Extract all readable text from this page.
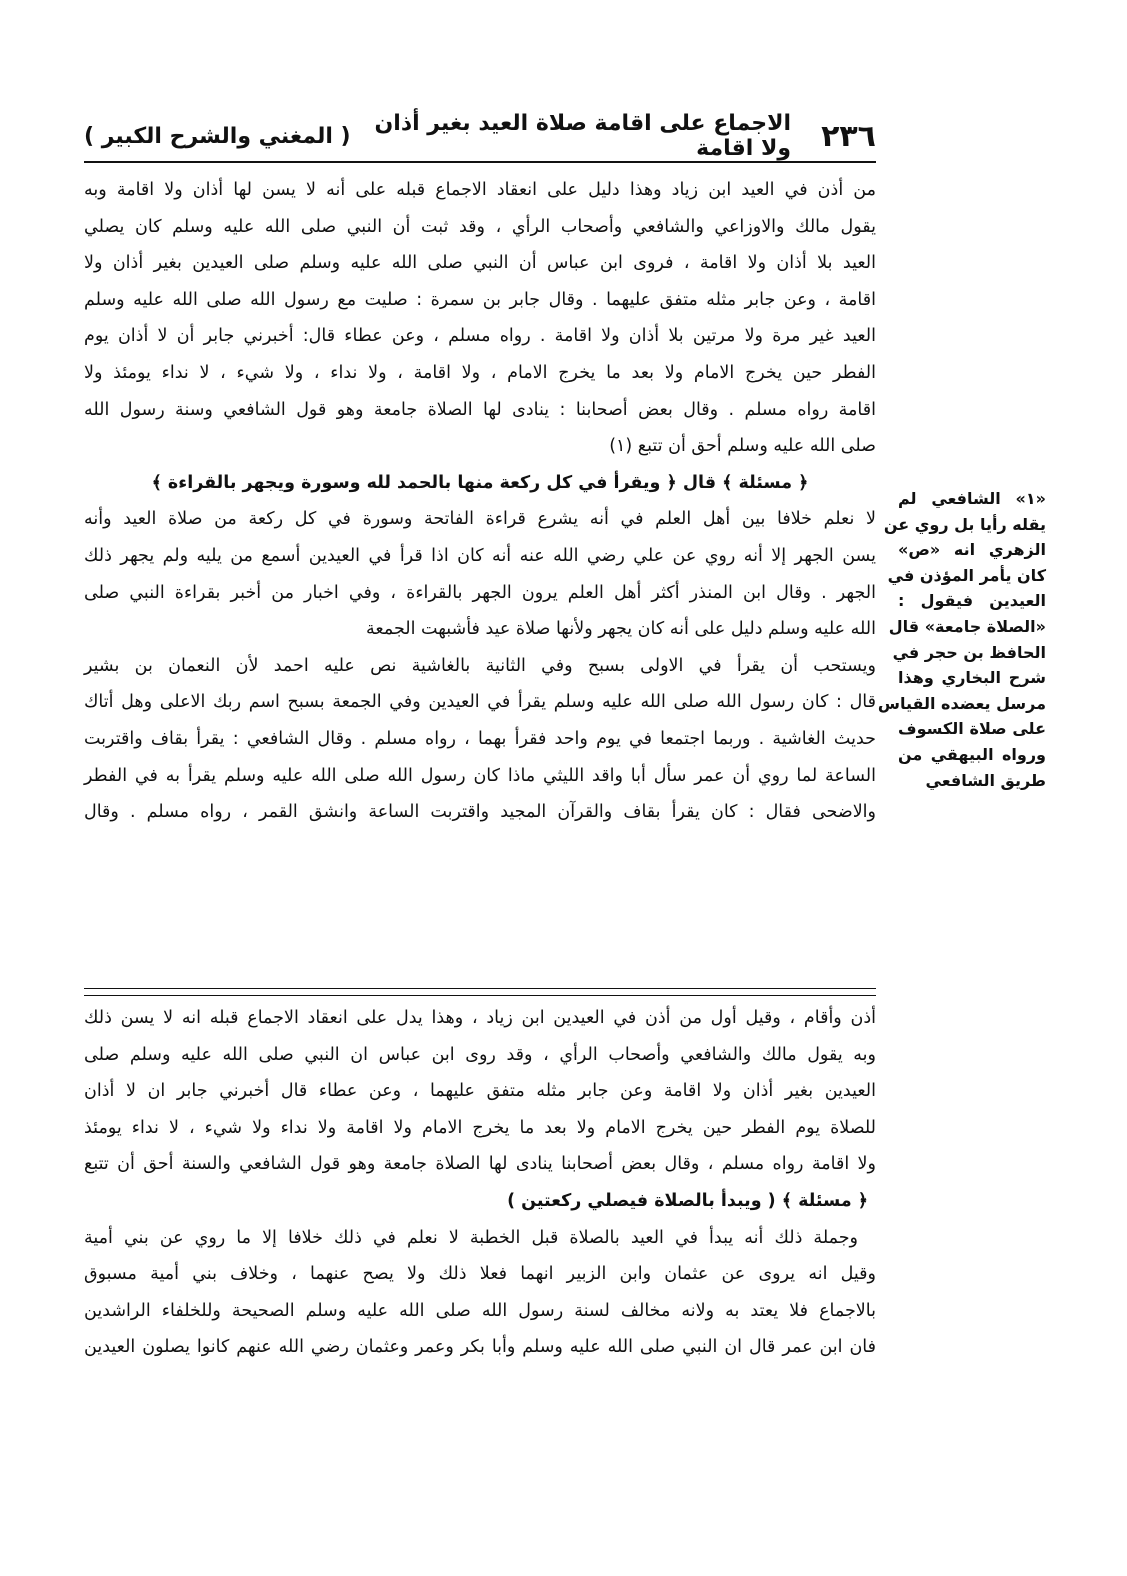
٢٣٦
الاجماع على اقامة صلاة العيد بغير أذان ولا اقامة
( المغني والشرح الكبير )
من أذن في العيد ابن زياد وهذا دليل على انعقاد الاجماع قبله على أنه لا يسن لها أذان ولا اقامة وبه
يقول مالك والاوزاعي والشافعي وأصحاب الرأي ، وقد ثبت أن النبي صلى الله عليه وسلم كان يصلي
العيد بلا أذان ولا اقامة ، فروى ابن عباس أن النبي صلى الله عليه وسلم صلى العيدين بغير أذان ولا
اقامة ، وعن جابر مثله متفق عليهما . وقال جابر بن سمرة : صليت مع رسول الله صلى الله عليه وسلم
العيد غير مرة ولا مرتين بلا أذان ولا اقامة . رواه مسلم ، وعن عطاء قال: أخبرني جابر أن لا أذان يوم
الفطر حين يخرج الامام ولا بعد ما يخرج الامام ، ولا اقامة ، ولا نداء ، ولا شيء ، لا نداء يومئذ ولا
اقامة رواه مسلم . وقال بعض أصحابنا : ينادى لها الصلاة جامعة وهو قول الشافعي وسنة رسول الله
صلى الله عليه وسلم أحق أن تتبع (١)
﴿ مسئلة ﴾ قال ﴿ ويقرأ في كل ركعة منها بالحمد لله وسورة ويجهر بالقراءة ﴾
لا نعلم خلافا بين أهل العلم في أنه يشرع قراءة الفاتحة وسورة في كل ركعة من صلاة العيد وأنه
يسن الجهر إلا أنه روي عن علي رضي الله عنه أنه كان اذا قرأ في العيدين أسمع من يليه ولم يجهر ذلك
الجهر . وقال ابن المنذر أكثر أهل العلم يرون الجهر بالقراءة ، وفي اخبار من أخبر بقراءة النبي صلى
الله عليه وسلم دليل على أنه كان يجهر ولأنها صلاة عيد فأشبهت الجمعة
ويستحب أن يقرأ في الاولى بسبح وفي الثانية بالغاشية نص عليه احمد لأن النعمان بن بشير
قال : كان رسول الله صلى الله عليه وسلم يقرأ في العيدين وفي الجمعة بسبح اسم ربك الاعلى وهل أتاك
حديث الغاشية . وربما اجتمعا في يوم واحد فقرأ بهما ، رواه مسلم . وقال الشافعي : يقرأ بقاف واقتربت
الساعة لما روي أن عمر سأل أبا واقد الليثي ماذا كان رسول الله صلى الله عليه وسلم يقرأ به في الفطر
والاضحى فقال : كان يقرأ بقاف والقرآن المجيد واقتربت الساعة وانشق القمر ، رواه مسلم . وقال
«١» الشافعي لم
يقله رأيا بل روي عن
الزهري انه «ص»
كان يأمر المؤذن في
العيدين فيقول :
«الصلاة جامعة» قال
الحافظ بن حجر في
شرح البخاري وهذا
مرسل يعضده القياس
على صلاة الكسوف
ورواه البيهقي من
طريق الشافعي
أذن وأقام ، وقيل أول من أذن في العيدين ابن زياد ، وهذا يدل على انعقاد الاجماع قبله انه لا يسن ذلك
وبه يقول مالك والشافعي وأصحاب الرأي ، وقد روى ابن عباس ان النبي صلى الله عليه وسلم صلى
العيدين بغير أذان ولا اقامة وعن جابر مثله متفق عليهما ، وعن عطاء قال أخبرني جابر ان لا أذان
للصلاة يوم الفطر حين يخرج الامام ولا بعد ما يخرج الامام ولا اقامة ولا نداء ولا شيء ، لا نداء يومئذ
ولا اقامة رواه مسلم ، وقال بعض أصحابنا ينادى لها الصلاة جامعة وهو قول الشافعي والسنة أحق أن تتبع
﴿ مسئلة ﴾ ( ويبدأ بالصلاة فيصلي ركعتين )
وجملة ذلك أنه يبدأ في العيد بالصلاة قبل الخطبة لا نعلم في ذلك خلافا إلا ما روي عن بني أمية
وقيل انه يروى عن عثمان وابن الزبير انهما فعلا ذلك ولا يصح عنهما ، وخلاف بني أمية مسبوق
بالاجماع فلا يعتد به ولانه مخالف لسنة رسول الله صلى الله عليه وسلم الصحيحة وللخلفاء الراشدين
فان ابن عمر قال ان النبي صلى الله عليه وسلم وأبا بكر وعمر وعثمان رضي الله عنهم كانوا يصلون العيدين
